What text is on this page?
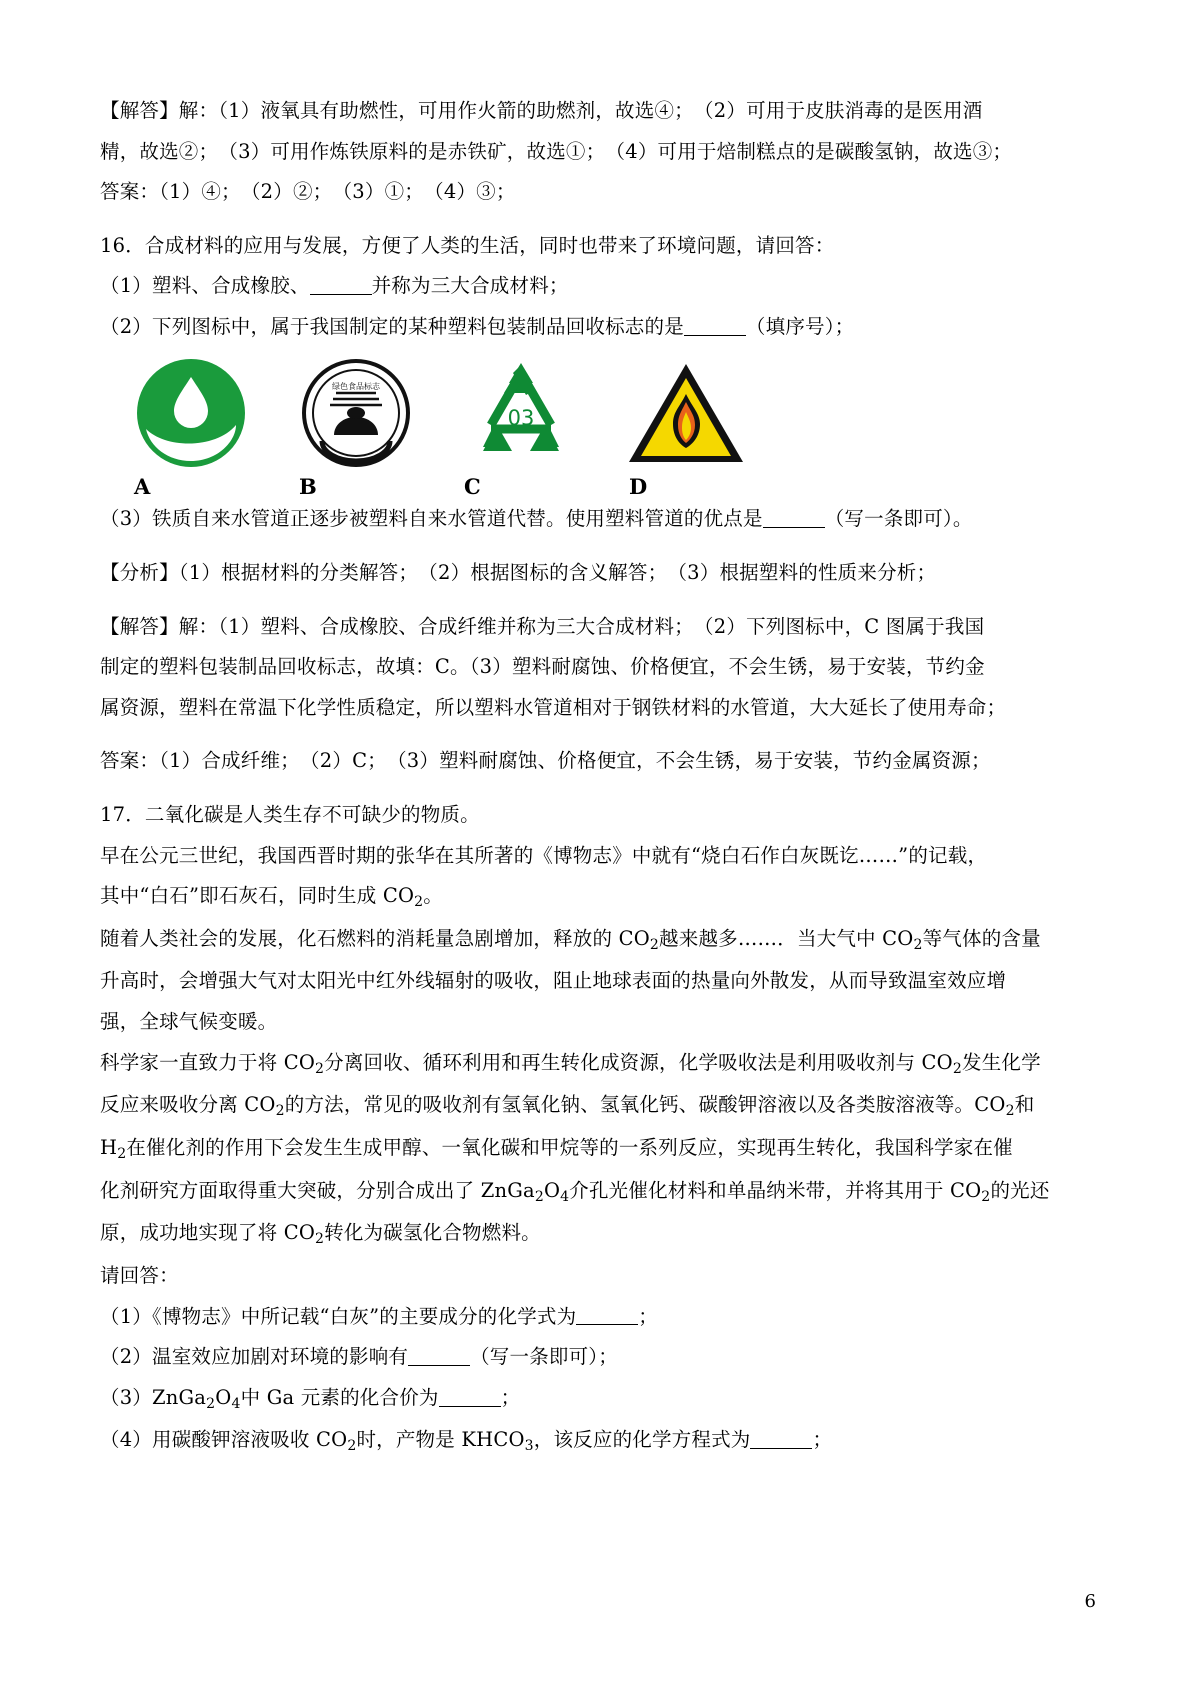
【解答】解：（1）液氧具有助燃性，可用作火箭的助燃剂，故选④；　（2）可用于皮肤消毒的是医用酒

精，故选②；　（3）可用作炼铁原料的是赤铁矿，故选①；　（4）可用于焙制糕点的是碳酸氢钠，故选③；

答案：（1）④；　（2）②；　（3）①；　（4）③；

16．合成材料的应用与发展，方便了人类的生活，同时也带来了环境问题，请回答：

（1）塑料、合成橡胶、	并称为三大合成材料；

（2）下列图标中，属于我国制定的某种塑料包装制品回收标志的是	（填序号）；

A
绿色食品标志
B
03
C	D

（3）铁质自来水管道正逐步被塑料自来水管道代替。使用塑料管道的优点是	（写一条即可）。

【分析】（1）根据材料的分类解答；　（2）根据图标的含义解答；　（3）根据塑料的性质来分析；

【解答】解：（1）塑料、合成橡胶、合成纤维并称为三大合成材料；　（2）下列图标中，C 图属于我国

制定的塑料包装制品回收标志，故填：C。（3）塑料耐腐蚀、价格便宜，不会生锈，易于安装，节约金

属资源，塑料在常温下化学性质稳定，所以塑料水管道相对于钢铁材料的水管道，大大延长了使用寿命；

答案：（1）合成纤维；　（2）C；　（3）塑料耐腐蚀、价格便宜，不会生锈，易于安装，节约金属资源；

17．二氧化碳是人类生存不可缺少的物质。

早在公元三世纪，我国西晋时期的张华在其所著的《博物志》中就有“烧白石作白灰既讫……”的记载，

其中“白石”即石灰石，同时生成 $CO_2$。

随着人类社会的发展，化石燃料的消耗量急剧增加，释放的 $CO_2$越来越多……．当大气中 $CO_2$等气体的含量

升高时，会增强大气对太阳光中红外线辐射的吸收，阻止地球表面的热量向外散发，从而导致温室效应增

强，全球气候变暖。

科学家一直致力于将 $CO_2$分离回收、循环利用和再生转化成资源，化学吸收法是利用吸收剂与 $CO_2$发生化学

反应来吸收分离 $CO_2$的方法，常见的吸收剂有氢氧化钠、氢氧化钙、碳酸钾溶液以及各类胺溶液等。$CO_2$和

$H_2$在催化剂的作用下会发生生成甲醇、一氧化碳和甲烷等的一系列反应，实现再生转化，我国科学家在催

化剂研究方面取得重大突破，分别合成出了 $ZnGa_2O_4$介孔光催化材料和单晶纳米带，并将其用于 $CO_2$的光还

原，成功地实现了将 $CO_2$转化为碳氢化合物燃料。

请回答：

（1）《博物志》中所记载“白灰”的主要成分的化学式为	；

（2）温室效应加剧对环境的影响有	（写一条即可）；

$(3)ZnGa_2O_4$中 Ga 元素的化合价为	；

（4）用碳酸钾溶液吸收 $CO_2$时，产物是 $KHCO_3$，该反应的化学方程式为	；

6
